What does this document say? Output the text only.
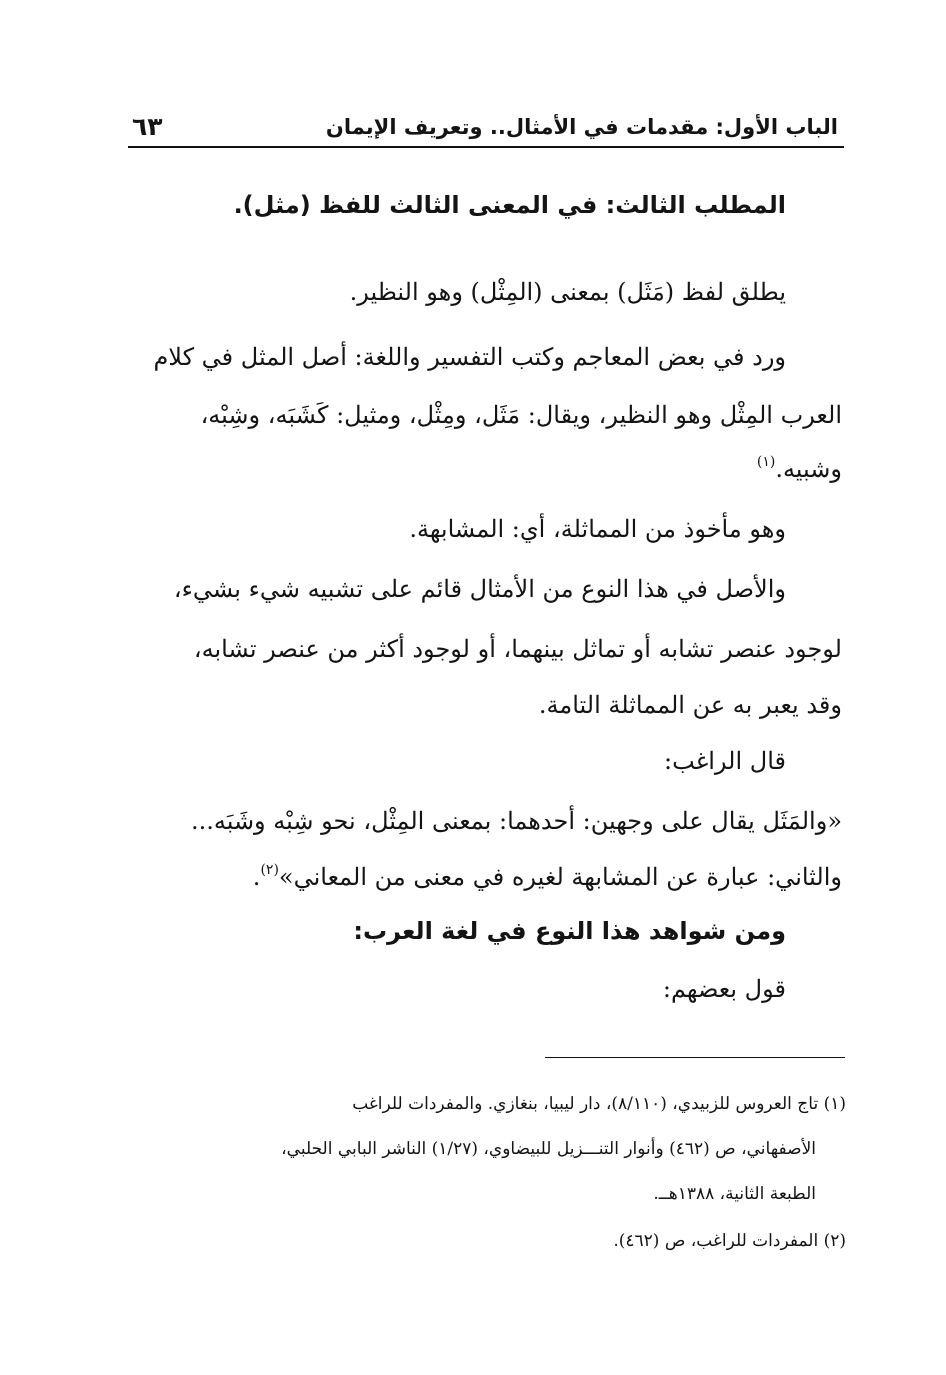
٦٣	الباب الأول: مقدمات في الأمثال.. وتعريف الإيمان
المطلب الثالث: في المعنى الثالث للفظ (مثل).
يطلق لفظ (مَثَل) بمعنى (المِثْل) وهو النظير.
ورد في بعض المعاجم وكتب التفسير واللغة: أصل المثل في كلام
العرب المِثْل وهو النظير، ويقال: مَثَل، ومِثْل، ومثيل: كَشَبَه، وشِبْه،
وشبيه.$^{(١)}$
وهو مأخوذ من المماثلة، أي: المشابهة.
والأصل في هذا النوع من الأمثال قائم على تشبيه شيء بشيء،
لوجود عنصر تشابه أو تماثل بينهما، أو لوجود أكثر من عنصر تشابه،
وقد يعبر به عن المماثلة التامة.
قال الراغب:
«والمَثَل يقال على وجهين: أحدهما: بمعنى المِثْل، نحو شِبْه وشَبَه...
والثاني: عبارة عن المشابهة لغيره في معنى من المعاني»$^{(٢)}$.
ومن شواهد هذا النوع في لغة العرب:
قول بعضهم:
(١) تاج العروس للزبيدي، (٨/١١٠)، دار ليبيا، بنغازي. والمفردات للراغب
الأصفهاني، ص (٤٦٢) وأنوار التنـــزيل للبيضاوي، (١/٢٧) الناشر البابي الحلبي،
الطبعة الثانية، ١٣٨٨هــ.
(٢) المفردات للراغب، ص (٤٦٢).
